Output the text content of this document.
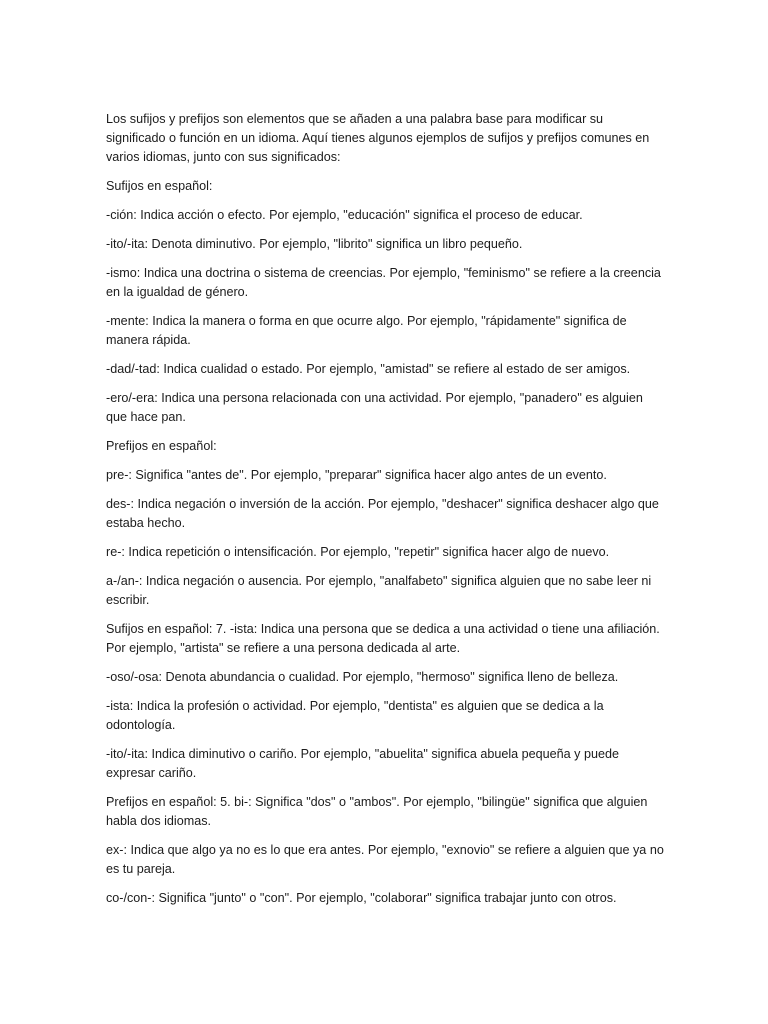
Los sufijos y prefijos son elementos que se añaden a una palabra base para modificar su significado o función en un idioma. Aquí tienes algunos ejemplos de sufijos y prefijos comunes en varios idiomas, junto con sus significados:

Sufijos en español:

-ción: Indica acción o efecto. Por ejemplo, "educación" significa el proceso de educar.

-ito/-ita: Denota diminutivo. Por ejemplo, "librito" significa un libro pequeño.

-ismo: Indica una doctrina o sistema de creencias. Por ejemplo, "feminismo" se refiere a la creencia en la igualdad de género.

-mente: Indica la manera o forma en que ocurre algo. Por ejemplo, "rápidamente" significa de manera rápida.

-dad/-tad: Indica cualidad o estado. Por ejemplo, "amistad" se refiere al estado de ser amigos.

-ero/-era: Indica una persona relacionada con una actividad. Por ejemplo, "panadero" es alguien que hace pan.

Prefijos en español:

pre-: Significa "antes de". Por ejemplo, "preparar" significa hacer algo antes de un evento.

des-: Indica negación o inversión de la acción. Por ejemplo, "deshacer" significa deshacer algo que estaba hecho.

re-: Indica repetición o intensificación. Por ejemplo, "repetir" significa hacer algo de nuevo.

a-/an-: Indica negación o ausencia. Por ejemplo, "analfabeto" significa alguien que no sabe leer ni escribir.

Sufijos en español: 7. -ista: Indica una persona que se dedica a una actividad o tiene una afiliación. Por ejemplo, "artista" se refiere a una persona dedicada al arte.

-oso/-osa: Denota abundancia o cualidad. Por ejemplo, "hermoso" significa lleno de belleza.

-ista: Indica la profesión o actividad. Por ejemplo, "dentista" es alguien que se dedica a la odontología.

-ito/-ita: Indica diminutivo o cariño. Por ejemplo, "abuelita" significa abuela pequeña y puede expresar cariño.

Prefijos en español: 5. bi-: Significa "dos" o "ambos". Por ejemplo, "bilingüe" significa que alguien habla dos idiomas.

ex-: Indica que algo ya no es lo que era antes. Por ejemplo, "exnovio" se refiere a alguien que ya no es tu pareja.

co-/con-: Significa "junto" o "con". Por ejemplo, "colaborar" significa trabajar junto con otros.
